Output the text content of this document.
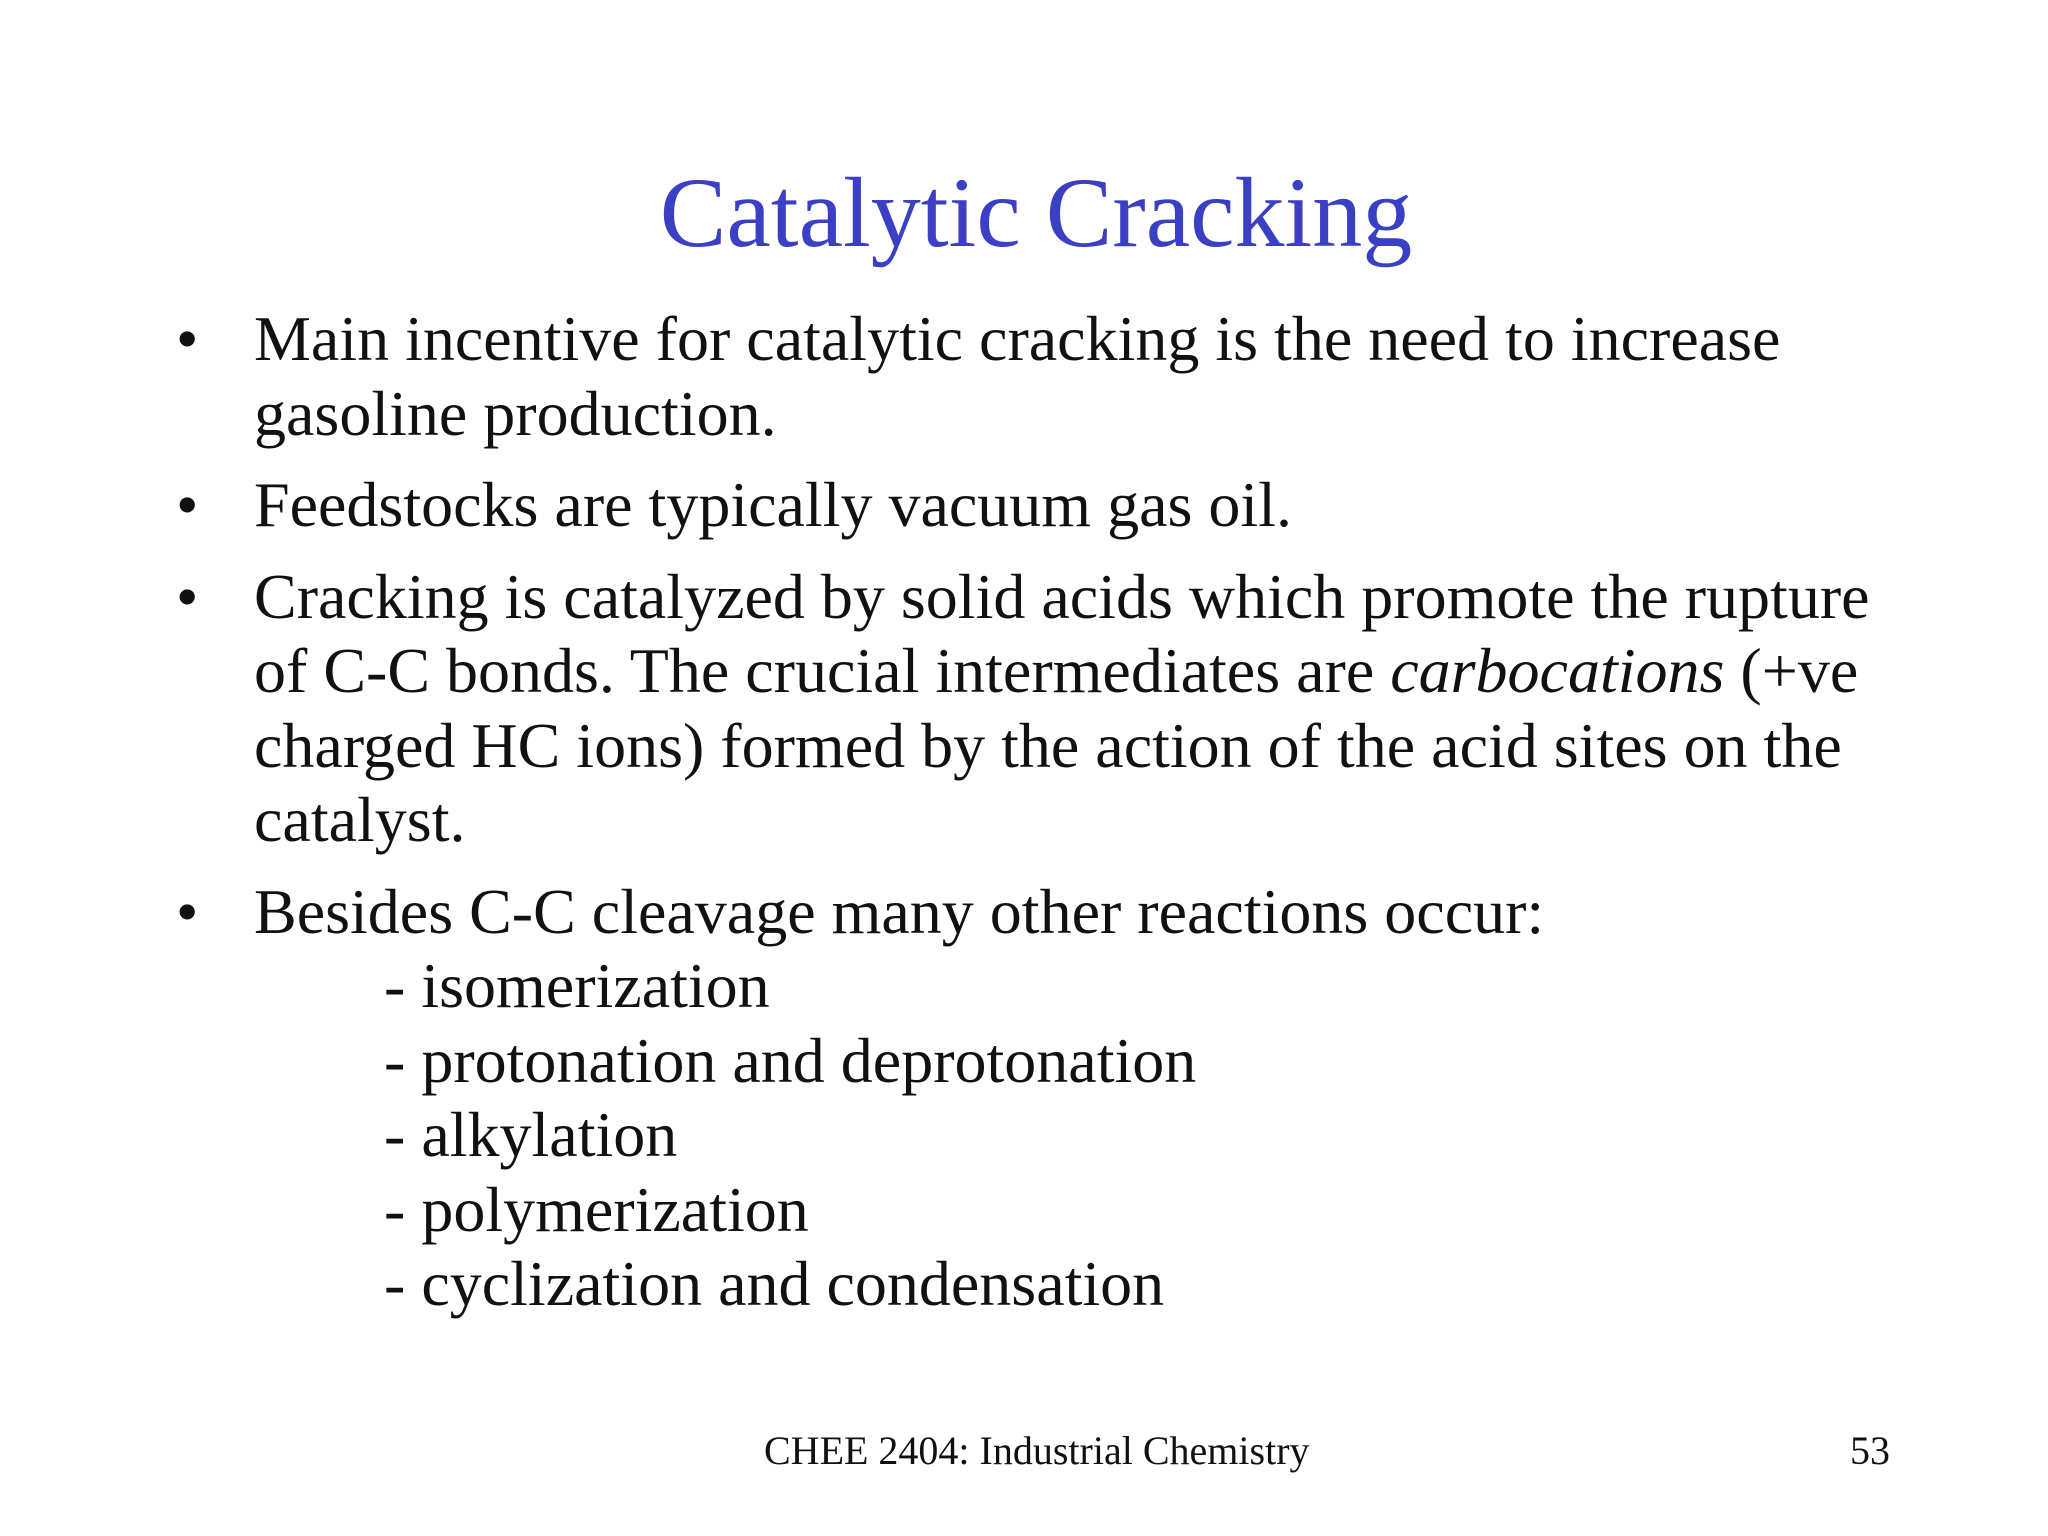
Catalytic Cracking
• Main incentive for catalytic cracking is the need to increase gasoline production.
• Feedstocks are typically vacuum gas oil.
• Cracking is catalyzed by solid acids which promote the rupture of C-C bonds. The crucial intermediates are carbocations (+ve charged HC ions) formed by the action of the acid sites on the catalyst.
• Besides C-C cleavage many other reactions occur:
- isomerization
- protonation and deprotonation
- alkylation
- polymerization
- cyclization and condensation
CHEE 2404: Industrial Chemistry	53
